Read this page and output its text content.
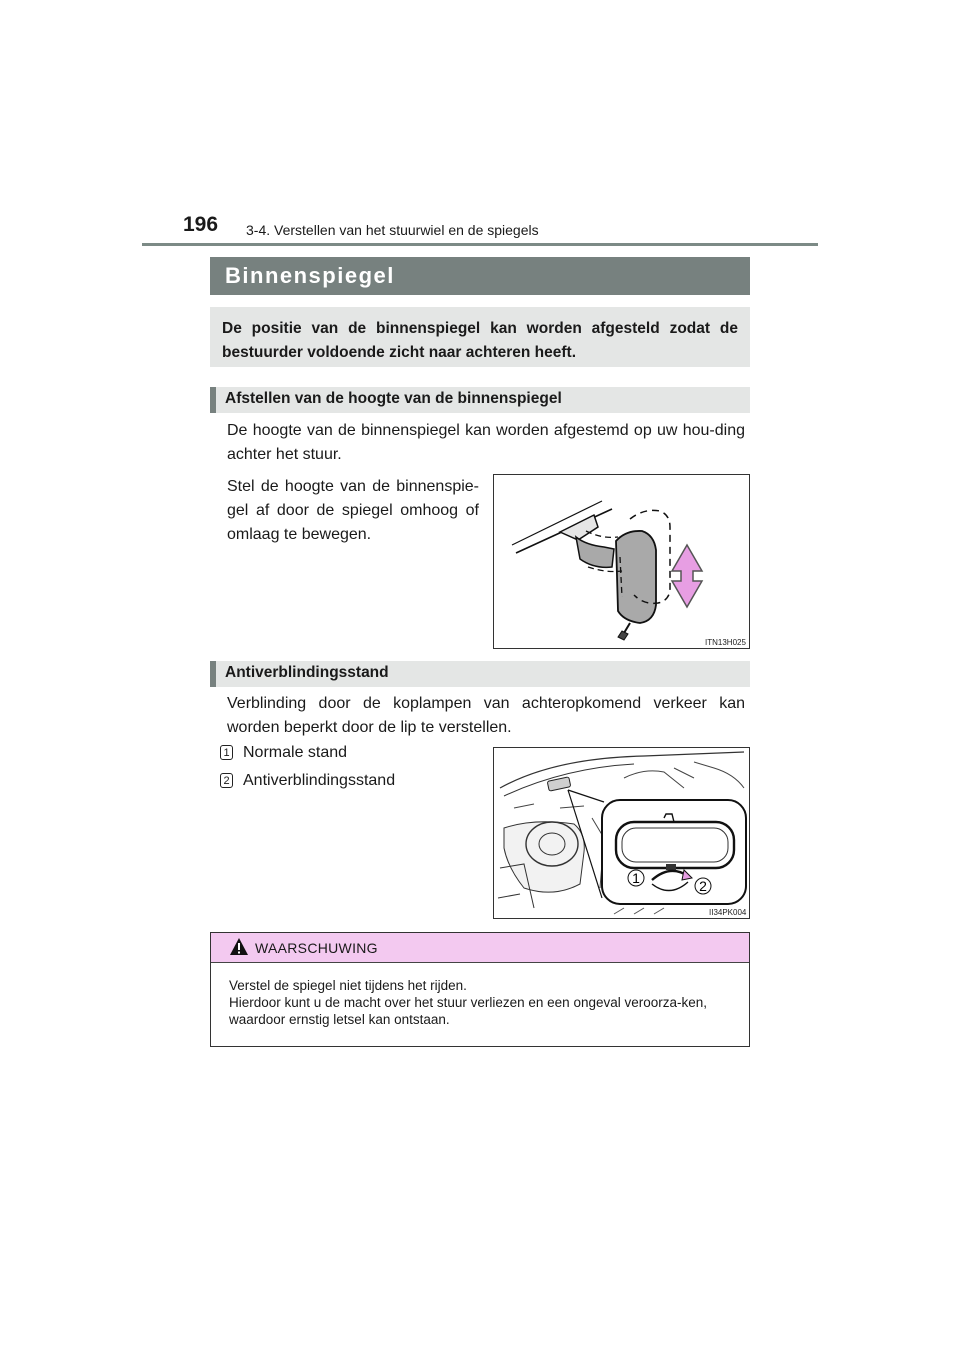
196 3-4. Verstellen van het stuurwiel en de spiegels
Binnenspiegel
De positie van de binnenspiegel kan worden afgesteld zodat de bestuurder voldoende zicht naar achteren heeft.
Afstellen van de hoogte van de binnenspiegel
De hoogte van de binnenspiegel kan worden afgestemd op uw hou-ding achter het stuur.
Stel de hoogte van de binnenspie-gel af door de spiegel omhoog of omlaag te bewegen.
ITN13H025
Antiverblindingsstand
Verblinding door de koplampen van achteropkomend verkeer kan worden beperkt door de lip te verstellen.
1 Normale stand
2 Antiverblindingsstand
1	2
II34PK004
WAARSCHUWING
Verstel de spiegel niet tijdens het rijden.
Hierdoor kunt u de macht over het stuur verliezen en een ongeval veroorza-ken, waardoor ernstig letsel kan ontstaan.
